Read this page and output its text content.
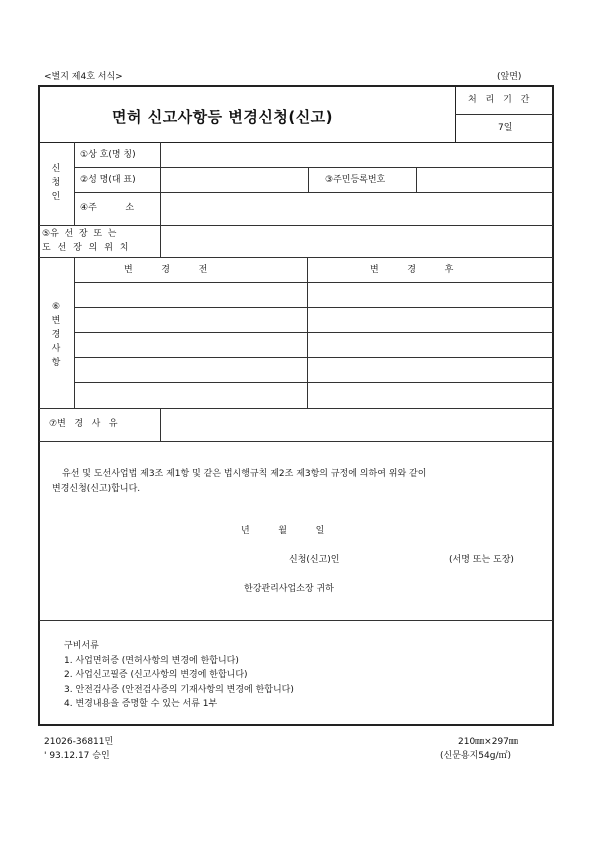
<별지 제4호 서식>	(앞면)
면허 신고사항등 변경신청(신고)
처 리 기 간
7일
신
청
인
①상 호(명 칭)
②성 명(대 표)	③주민등록번호
④주          소
⑤유  선  장  또  는
도 선 장 의 위 치
⑥
변
경
사
항
변          경          전	변          경          후
⑦변   경   사   유
유선 및 도선사업법 제3조 제1항 및 같은 법시행규칙 제2조 제3항의 규정에 의하여 위와 같이
변경신청(신고)합니다.
년          월          일
신청(신고)인	(서명 또는 도장)
한강관리사업소장 귀하
구비서류
1. 사업면허증 (면허사항의 변경에 한합니다)
2. 사업신고필증 (신고사항의 변경에 한합니다)
3. 안전검사증 (안전검사증의 기재사항의 변경에 한합니다)
4. 변경내용을 증명할 수 있는 서류 1부
21026-36811민
' 93.12.17 승인
210㎜×297㎜
(신문용지54g/㎡)
